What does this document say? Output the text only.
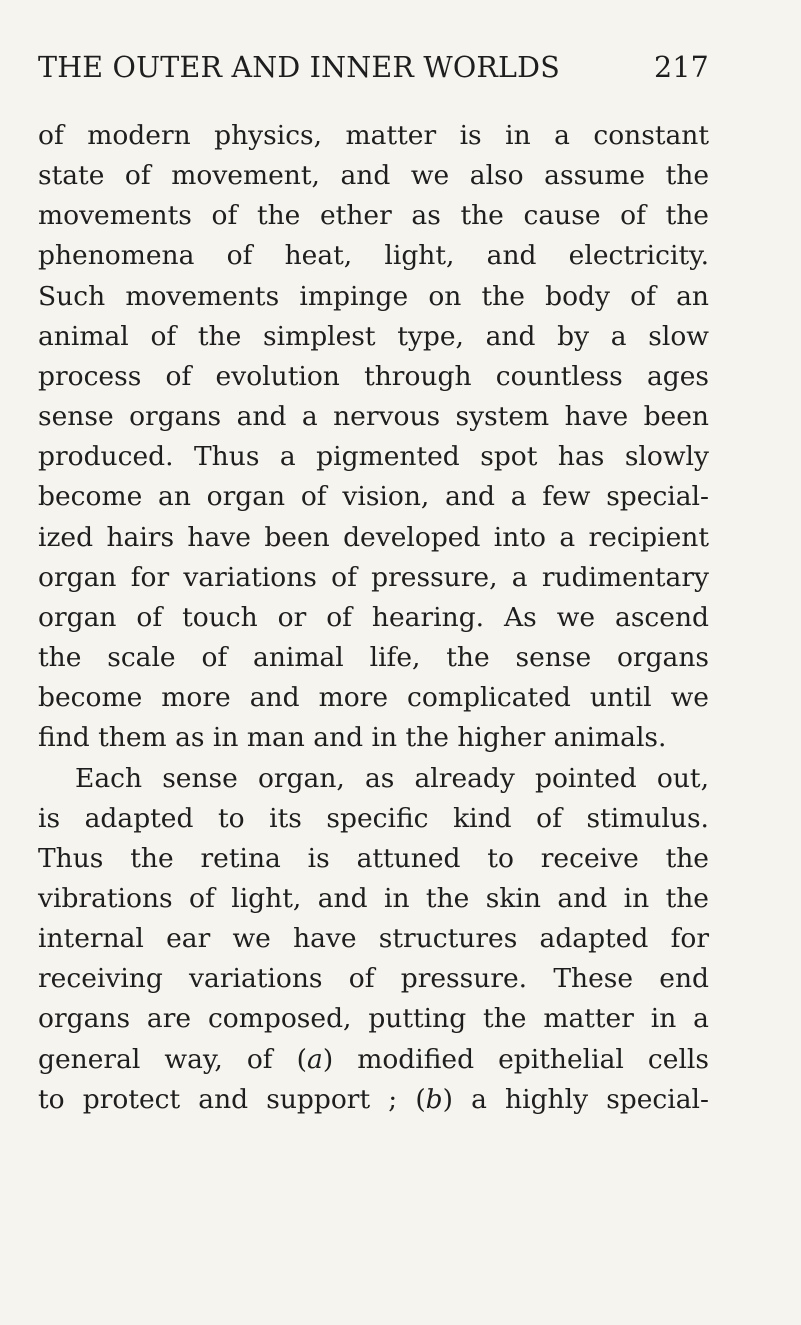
THE OUTER AND INNER WORLDS	217
of modern physics, matter is in a constant
state of movement, and we also assume the
movements of the ether as the cause of the
phenomena of heat, light, and electricity.
Such movements impinge on the body of an
animal of the simplest type, and by a slow
process of evolution through countless ages
sense organs and a nervous system have been
produced. Thus a pigmented spot has slowly
become an organ of vision, and a few special-
ized hairs have been developed into a recipient
organ for variations of pressure, a rudimentary
organ of touch or of hearing. As we ascend
the scale of animal life, the sense organs
become more and more complicated until we
find them as in man and in the higher animals.
Each sense organ, as already pointed out,
is adapted to its specific kind of stimulus.
Thus the retina is attuned to receive the
vibrations of light, and in the skin and in the
internal ear we have structures adapted for
receiving variations of pressure. These end
organs are composed, putting the matter in a
general way, of (a) modified epithelial cells
to protect and support ; (b) a highly special-
